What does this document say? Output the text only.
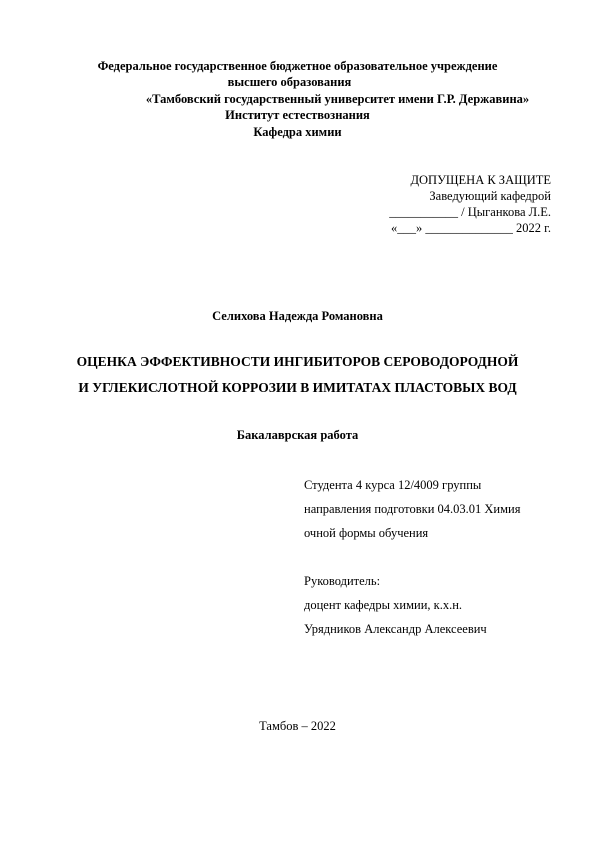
Федеральное государственное бюджетное образовательное учреждение
высшего образования
«Тамбовский государственный университет имени Г.Р. Державина»
Институт естествознания
Кафедра химии
ДОПУЩЕНА К ЗАЩИТЕ
Заведующий кафедрой
___________ / Цыганкова Л.Е.
«___» ______________ 2022 г.
Селихова Надежда Романовна
ОЦЕНКА ЭФФЕКТИВНОСТИ ИНГИБИТОРОВ СЕРОВОДОРОДНОЙ
И УГЛЕКИСЛОТНОЙ КОРРОЗИИ В ИМИТАТАХ ПЛАСТОВЫХ ВОД
Бакалаврская работа
Студента 4 курса 12/4009 группы
направления подготовки 04.03.01 Химия
очной формы обучения
Руководитель:
доцент кафедры химии, к.х.н.
Урядников Александр Алексеевич
Тамбов – 2022
